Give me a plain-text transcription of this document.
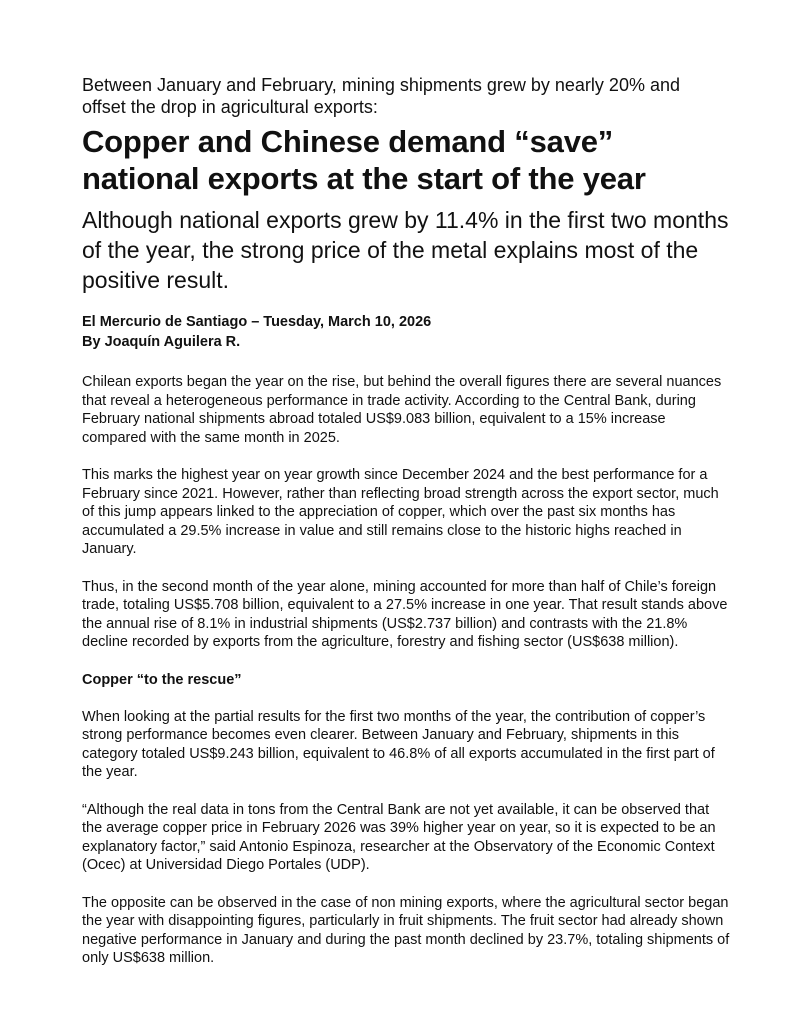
Between January and February, mining shipments grew by nearly 20% and offset the drop in agricultural exports:

Copper and Chinese demand “save” national exports at the start of the year

Although national exports grew by 11.4% in the first two months of the year, the strong price of the metal explains most of the positive result.

El Mercurio de Santiago – Tuesday, March 10, 2026
By Joaquín Aguilera R.

Chilean exports began the year on the rise, but behind the overall figures there are several nuances that reveal a heterogeneous performance in trade activity. According to the Central Bank, during February national shipments abroad totaled US$9.083 billion, equivalent to a 15% increase compared with the same month in 2025.

This marks the highest year on year growth since December 2024 and the best performance for a February since 2021. However, rather than reflecting broad strength across the export sector, much of this jump appears linked to the appreciation of copper, which over the past six months has accumulated a 29.5% increase in value and still remains close to the historic highs reached in January.

Thus, in the second month of the year alone, mining accounted for more than half of Chile’s foreign trade, totaling US$5.708 billion, equivalent to a 27.5% increase in one year. That result stands above the annual rise of 8.1% in industrial shipments (US$2.737 billion) and contrasts with the 21.8% decline recorded by exports from the agriculture, forestry and fishing sector (US$638 million).

Copper “to the rescue”

When looking at the partial results for the first two months of the year, the contribution of copper’s strong performance becomes even clearer. Between January and February, shipments in this category totaled US$9.243 billion, equivalent to 46.8% of all exports accumulated in the first part of the year.

“Although the real data in tons from the Central Bank are not yet available, it can be observed that the average copper price in February 2026 was 39% higher year on year, so it is expected to be an explanatory factor,” said Antonio Espinoza, researcher at the Observatory of the Economic Context (Ocec) at Universidad Diego Portales (UDP).

The opposite can be observed in the case of non mining exports, where the agricultural sector began the year with disappointing figures, particularly in fruit shipments. The fruit sector had already shown negative performance in January and during the past month declined by 23.7%, totaling shipments of only US$638 million.
